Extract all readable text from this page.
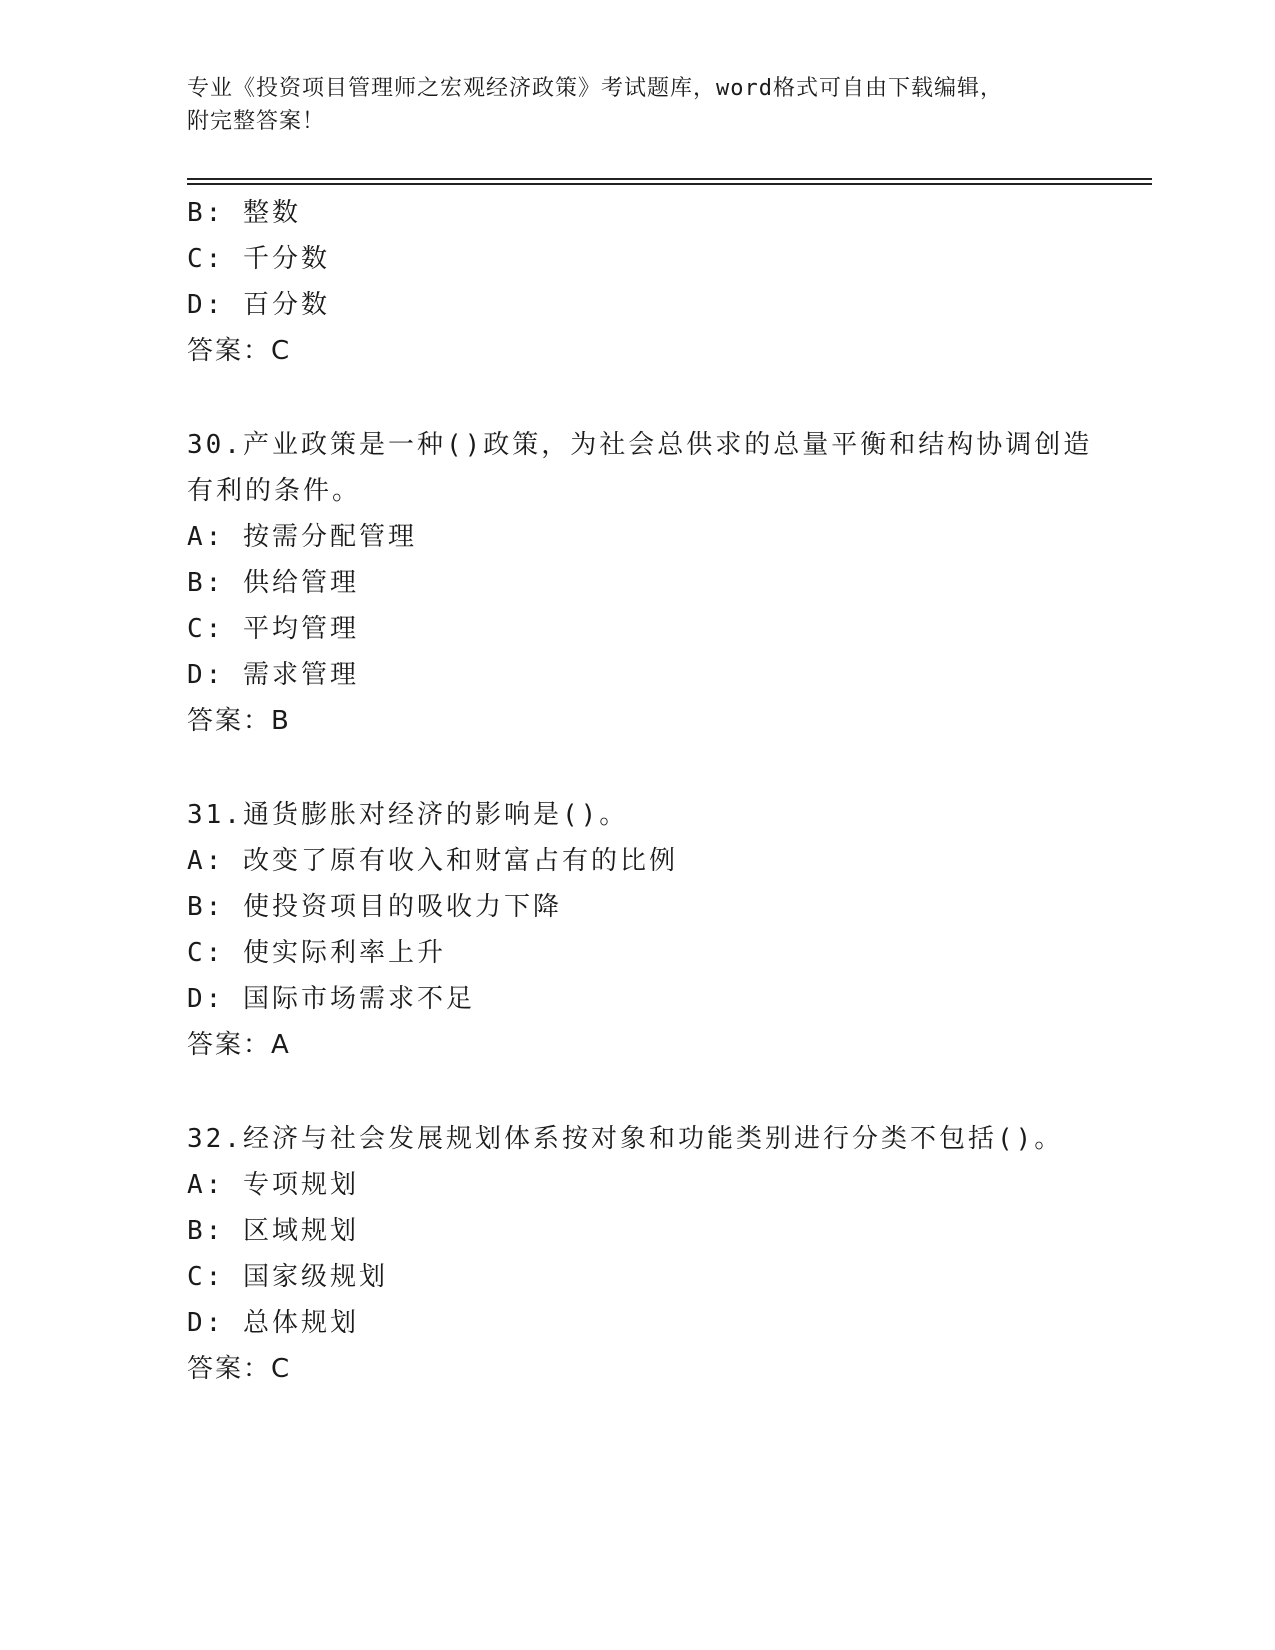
专业《投资项目管理师之宏观经济政策》考试题库，word格式可自由下载编辑，
附完整答案！
B: 整数
C: 千分数
D: 百分数
答案：C
30.产业政策是一种()政策，为社会总供求的总量平衡和结构协调创造
有利的条件。
A: 按需分配管理
B: 供给管理
C: 平均管理
D: 需求管理
答案：B
31.通货膨胀对经济的影响是()。
A: 改变了原有收入和财富占有的比例
B: 使投资项目的吸收力下降
C: 使实际利率上升
D: 国际市场需求不足
答案：A
32.经济与社会发展规划体系按对象和功能类别进行分类不包括()。
A: 专项规划
B: 区域规划
C: 国家级规划
D: 总体规划
答案：C
